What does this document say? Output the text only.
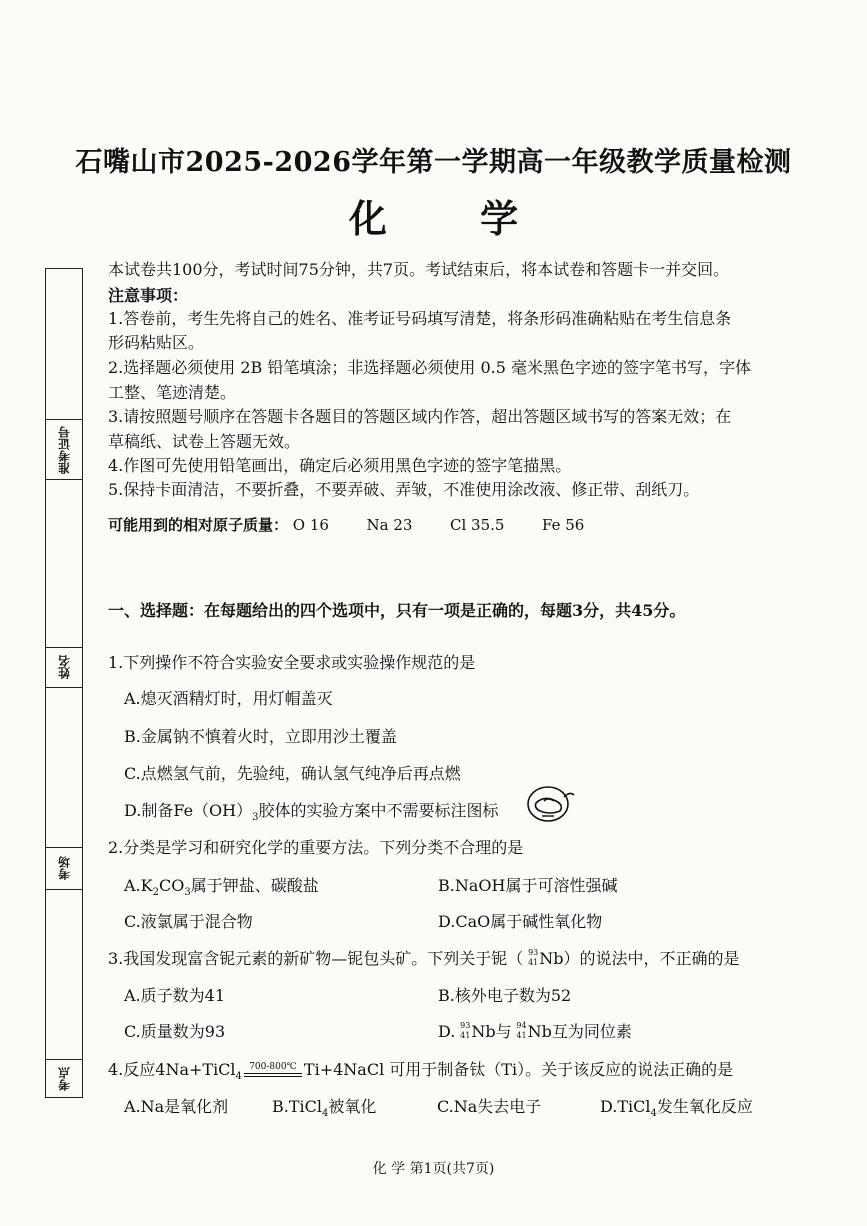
石嘴山市2025-2026学年第一学期高一年级教学质量检测
化 学
准考证号
姓名
考场
考点
本试卷共100分，考试时间75分钟，共7页。考试结束后，将本试卷和答题卡一并交回。
注意事项：
1.答卷前，考生先将自己的姓名、准考证号码填写清楚，将条形码准确粘贴在考生信息条
形码粘贴区。
2.选择题必须使用 2B 铅笔填涂；非选择题必须使用 0.5 毫米黑色字迹的签字笔书写，字体
工整、笔迹清楚。
3.请按照题号顺序在答题卡各题目的答题区域内作答，超出答题区域书写的答案无效；在
草稿纸、试卷上答题无效。
4.作图可先使用铅笔画出，确定后必须用黑色字迹的签字笔描黑。
5.保持卡面清洁，不要折叠，不要弄破、弄皱，不准使用涂改液、修正带、刮纸刀。
可能用到的相对原子质量： O 16	Na 23	Cl 35.5	Fe 56
一、选择题：在每题给出的四个选项中，只有一项是正确的，每题3分，共45分。
1.下列操作不符合实验安全要求或实验操作规范的是
A.熄灭酒精灯时，用灯帽盖灭
B.金属钠不慎着火时，立即用沙土覆盖
C.点燃氢气前，先验纯，确认氢气纯净后再点燃
D.制备$Fe(OH)_3$胶体的实验方案中不需要标注图标
2.分类是学习和研究化学的重要方法。下列分类不合理的是
$A.K_2CO_3$属于钾盐、碳酸盐	B.NaOH属于可溶性强碱
C.液氯属于混合物	D.CaO属于碱性氧化物
3.我国发现富含铌元素的新矿物—铌包头矿。下列关于铌（ 93
41 Nb）的说法中，不正确的是
A.质子数为41	B.核外电子数为52
C.质量数为93	D. 93
41 Nb与 94
41 Nb互为同位素
4.反应4Na+TiCl$_4$700-800℃ Ti+4NaCl 可用于制备钛（Ti）。关于该反应的说法正确的是
A.Na是氧化剂	B.TiCl$_4$被氧化	C.Na失去电子	D.TiCl$_4$发生氧化反应
化 学 第1页(共7页)
